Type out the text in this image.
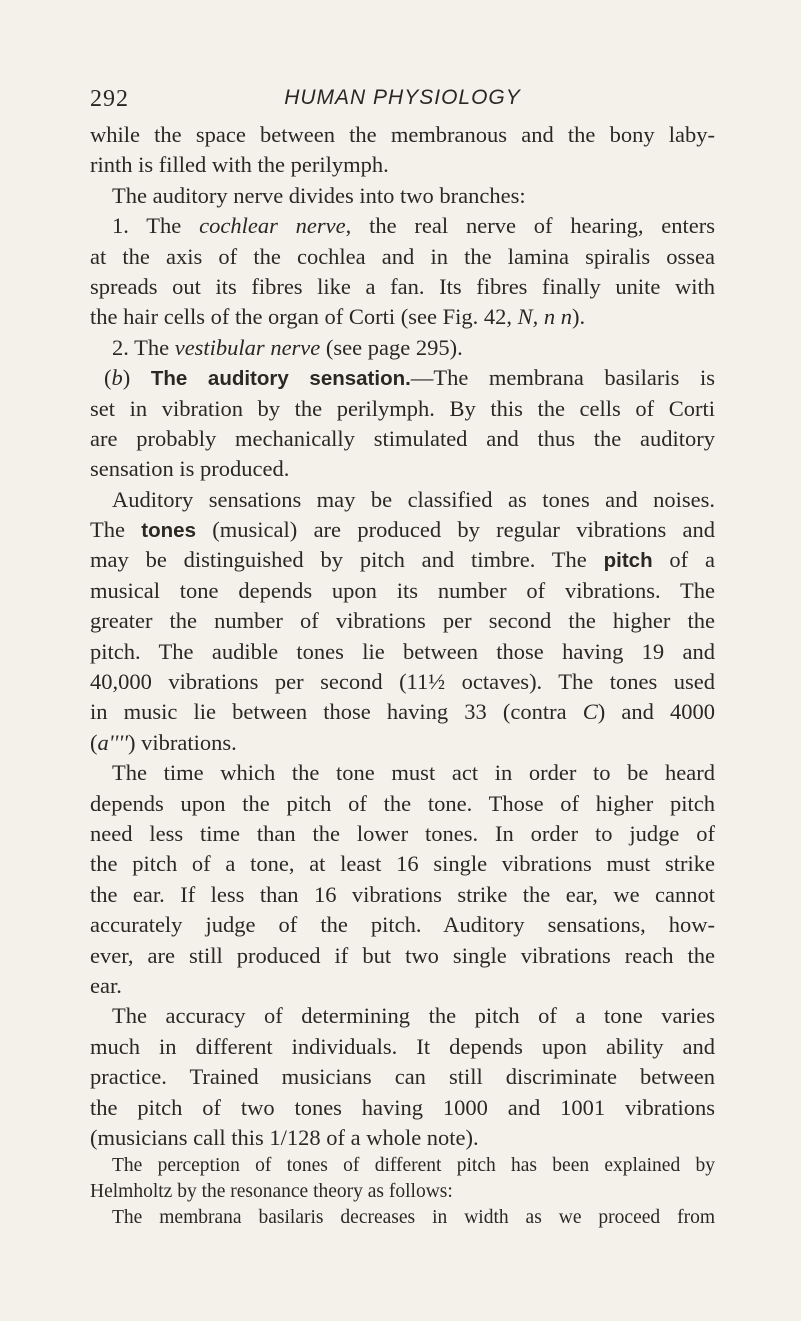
292	HUMAN PHYSIOLOGY
while the space between the membranous and the bony laby-
rinth is filled with the perilymph.
The auditory nerve divides into two branches:
1. The cochlear nerve, the real nerve of hearing, enters
at the axis of the cochlea and in the lamina spiralis ossea
spreads out its fibres like a fan. Its fibres finally unite with
the hair cells of the organ of Corti (see Fig. 42, N, n n).
2. The vestibular nerve (see page 295).
(b) The auditory sensation.—The membrana basilaris is
set in vibration by the perilymph. By this the cells of Corti
are probably mechanically stimulated and thus the auditory
sensation is produced.
Auditory sensations may be classified as tones and noises.
The tones (musical) are produced by regular vibrations and
may be distinguished by pitch and timbre. The pitch of a
musical tone depends upon its number of vibrations. The
greater the number of vibrations per second the higher the
pitch. The audible tones lie between those having 19 and
40,000 vibrations per second (11½ octaves). The tones used
in music lie between those having 33 (contra C) and 4000
(a'''') vibrations.
The time which the tone must act in order to be heard
depends upon the pitch of the tone. Those of higher pitch
need less time than the lower tones. In order to judge of
the pitch of a tone, at least 16 single vibrations must strike
the ear. If less than 16 vibrations strike the ear, we cannot
accurately judge of the pitch. Auditory sensations, how-
ever, are still produced if but two single vibrations reach the
ear.
The accuracy of determining the pitch of a tone varies
much in different individuals. It depends upon ability and
practice. Trained musicians can still discriminate between
the pitch of two tones having 1000 and 1001 vibrations
(musicians call this 1/128 of a whole note).
The perception of tones of different pitch has been explained by
Helmholtz by the resonance theory as follows:
The membrana basilaris decreases in width as we proceed from
